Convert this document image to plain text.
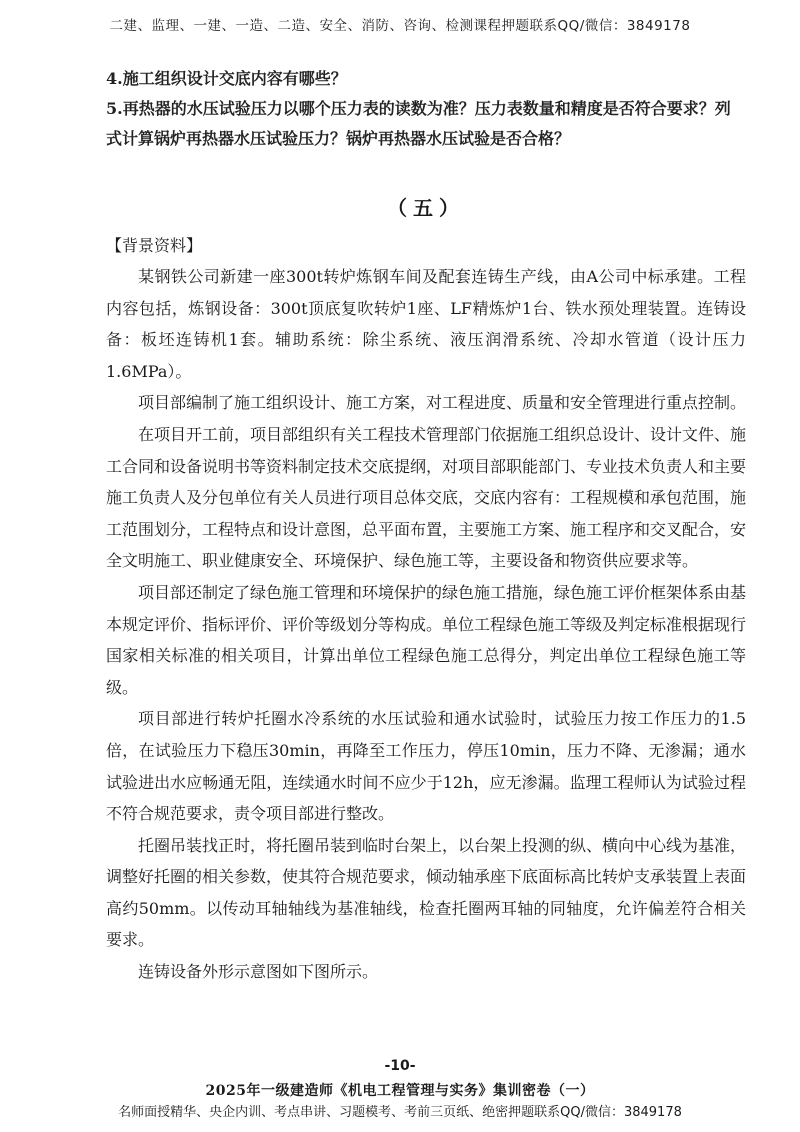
二建、监理、一建、一造、二造、安全、消防、咨询、检测课程押题联系QQ/微信：3849178

4.施工组织设计交底内容有哪些？

5.再热器的水压试验压力以哪个压力表的读数为准？压力表数量和精度是否符合要求？列式计算锅炉再热器水压试验压力？锅炉再热器水压试验是否合格？

（五）

【背景资料】

某钢铁公司新建一座300t转炉炼钢车间及配套连铸生产线，由A公司中标承建。工程内容包括，炼钢设备：300t顶底复吹转炉1座、LF精炼炉1台、铁水预处理装置。连铸设备：板坯连铸机1套。辅助系统：除尘系统、液压润滑系统、冷却水管道（设计压力1.6MPa）。

项目部编制了施工组织设计、施工方案，对工程进度、质量和安全管理进行重点控制。

在项目开工前，项目部组织有关工程技术管理部门依据施工组织总设计、设计文件、施工合同和设备说明书等资料制定技术交底提纲，对项目部职能部门、专业技术负责人和主要施工负责人及分包单位有关人员进行项目总体交底，交底内容有：工程规模和承包范围，施工范围划分，工程特点和设计意图，总平面布置，主要施工方案、施工程序和交叉配合，安全文明施工、职业健康安全、环境保护、绿色施工等，主要设备和物资供应要求等。

项目部还制定了绿色施工管理和环境保护的绿色施工措施，绿色施工评价框架体系由基本规定评价、指标评价、评价等级划分等构成。单位工程绿色施工等级及判定标准根据现行国家相关标准的相关项目，计算出单位工程绿色施工总得分，判定出单位工程绿色施工等级。

项目部进行转炉托圈水冷系统的水压试验和通水试验时，试验压力按工作压力的1.5倍，在试验压力下稳压30min，再降至工作压力，停压10min，压力不降、无渗漏；通水试验进出水应畅通无阻，连续通水时间不应少于12h，应无渗漏。监理工程师认为试验过程不符合规范要求，责令项目部进行整改。

托圈吊装找正时，将托圈吊装到临时台架上，以台架上投测的纵、横向中心线为基准，调整好托圈的相关参数，使其符合规范要求，倾动轴承座下底面标高比转炉支承装置上表面高约50mm。以传动耳轴轴线为基准轴线，检查托圈两耳轴的同轴度，允许偏差符合相关要求。

连铸设备外形示意图如下图所示。

-10-
2025年一级建造师《机电工程管理与实务》集训密卷（一）
名师面授精华、央企内训、考点串讲、习题模考、考前三页纸、绝密押题联系QQ/微信：3849178
